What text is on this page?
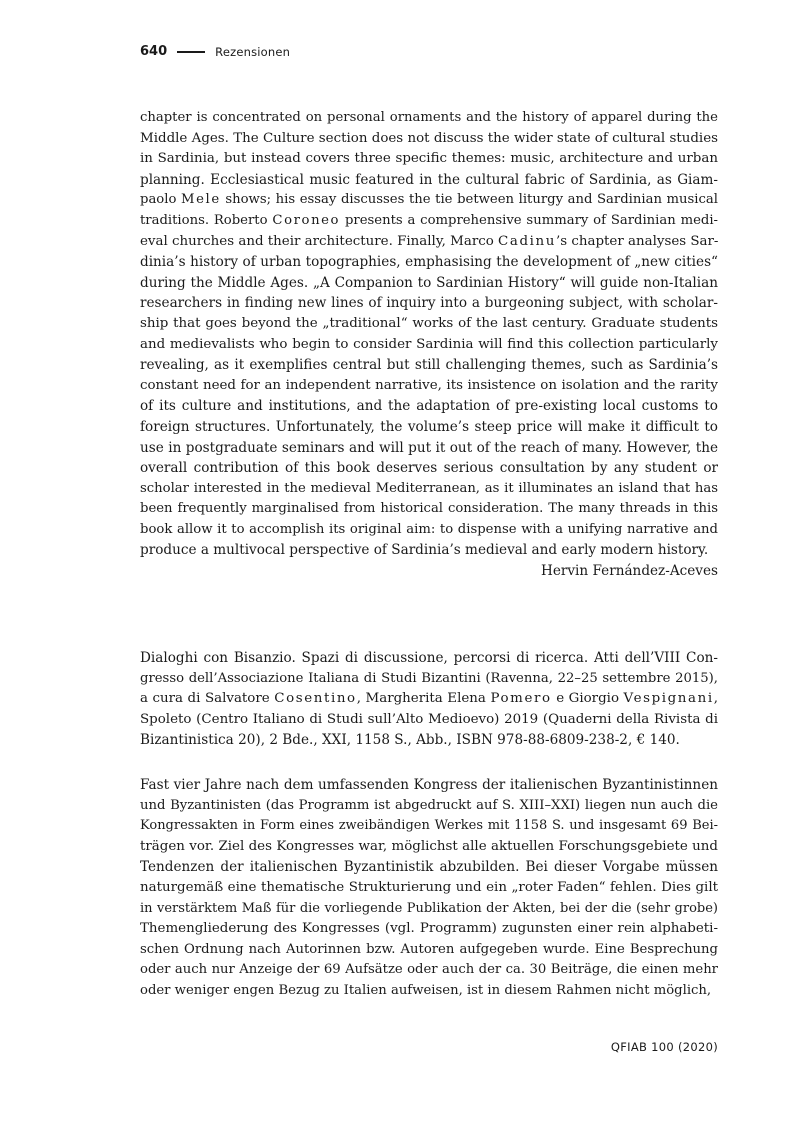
640	Rezensionen
chapter is concentrated on personal ornaments and the history of apparel during the
Middle Ages. The Culture section does not discuss the wider state of cultural studies
in Sardinia, but instead covers three specific themes: music, architecture and urban
planning. Ecclesiastical music featured in the cultural fabric of Sardinia, as Giam-
paolo Mele shows; his essay discusses the tie between liturgy and Sardinian musical
traditions. Roberto Coroneo presents a comprehensive summary of Sardinian medi-
eval churches and their architecture. Finally, Marco Cadinu’s chapter analyses Sar-
dinia’s history of urban topographies, emphasising the development of „new cities“
during the Middle Ages. „A Companion to Sardinian History“ will guide non-Italian
researchers in finding new lines of inquiry into a burgeoning subject, with scholar-
ship that goes beyond the „traditional“ works of the last century. Graduate students
and medievalists who begin to consider Sardinia will find this collection particularly
revealing, as it exemplifies central but still challenging themes, such as Sardinia’s
constant need for an independent narrative, its insistence on isolation and the rarity
of its culture and institutions, and the adaptation of pre-existing local customs to
foreign structures. Unfortunately, the volume’s steep price will make it difficult to
use in postgraduate seminars and will put it out of the reach of many. However, the
overall contribution of this book deserves serious consultation by any student or
scholar interested in the medieval Mediterranean, as it illuminates an island that has
been frequently marginalised from historical consideration. The many threads in this
book allow it to accomplish its original aim: to dispense with a unifying narrative and
produce a multivocal perspective of Sardinia’s medieval and early modern history.
Hervin Fernández-Aceves
Dialoghi con Bisanzio. Spazi di discussione, percorsi di ricerca. Atti dell’VIII Con-
gresso dell’Associazione Italiana di Studi Bizantini (Ravenna, 22–25 settembre 2015),
a cura di Salvatore Cosentino, Margherita Elena Pomero e Giorgio Vespignani,
Spoleto (Centro Italiano di Studi sull’Alto Medioevo) 2019 (Quaderni della Rivista di
Bizantinistica 20), 2 Bde., XXI, 1158 S., Abb., ISBN 978-88-6809-238-2, € 140.
Fast vier Jahre nach dem umfassenden Kongress der italienischen Byzantinistinnen
und Byzantinisten (das Programm ist abgedruckt auf S. XIII–XXI) liegen nun auch die
Kongressakten in Form eines zweibändigen Werkes mit 1158 S. und insgesamt 69 Bei-
trägen vor. Ziel des Kongresses war, möglichst alle aktuellen Forschungsgebiete und
Tendenzen der italienischen Byzantinistik abzubilden. Bei dieser Vorgabe müssen
naturgemäß eine thematische Strukturierung und ein „roter Faden“ fehlen. Dies gilt
in verstärktem Maß für die vorliegende Publikation der Akten, bei der die (sehr grobe)
Themengliederung des Kongresses (vgl. Programm) zugunsten einer rein alphabeti-
schen Ordnung nach Autorinnen bzw. Autoren aufgegeben wurde. Eine Besprechung
oder auch nur Anzeige der 69 Aufsätze oder auch der ca. 30 Beiträge, die einen mehr
oder weniger engen Bezug zu Italien aufweisen, ist in diesem Rahmen nicht möglich,
QFIAB 100 (2020)
